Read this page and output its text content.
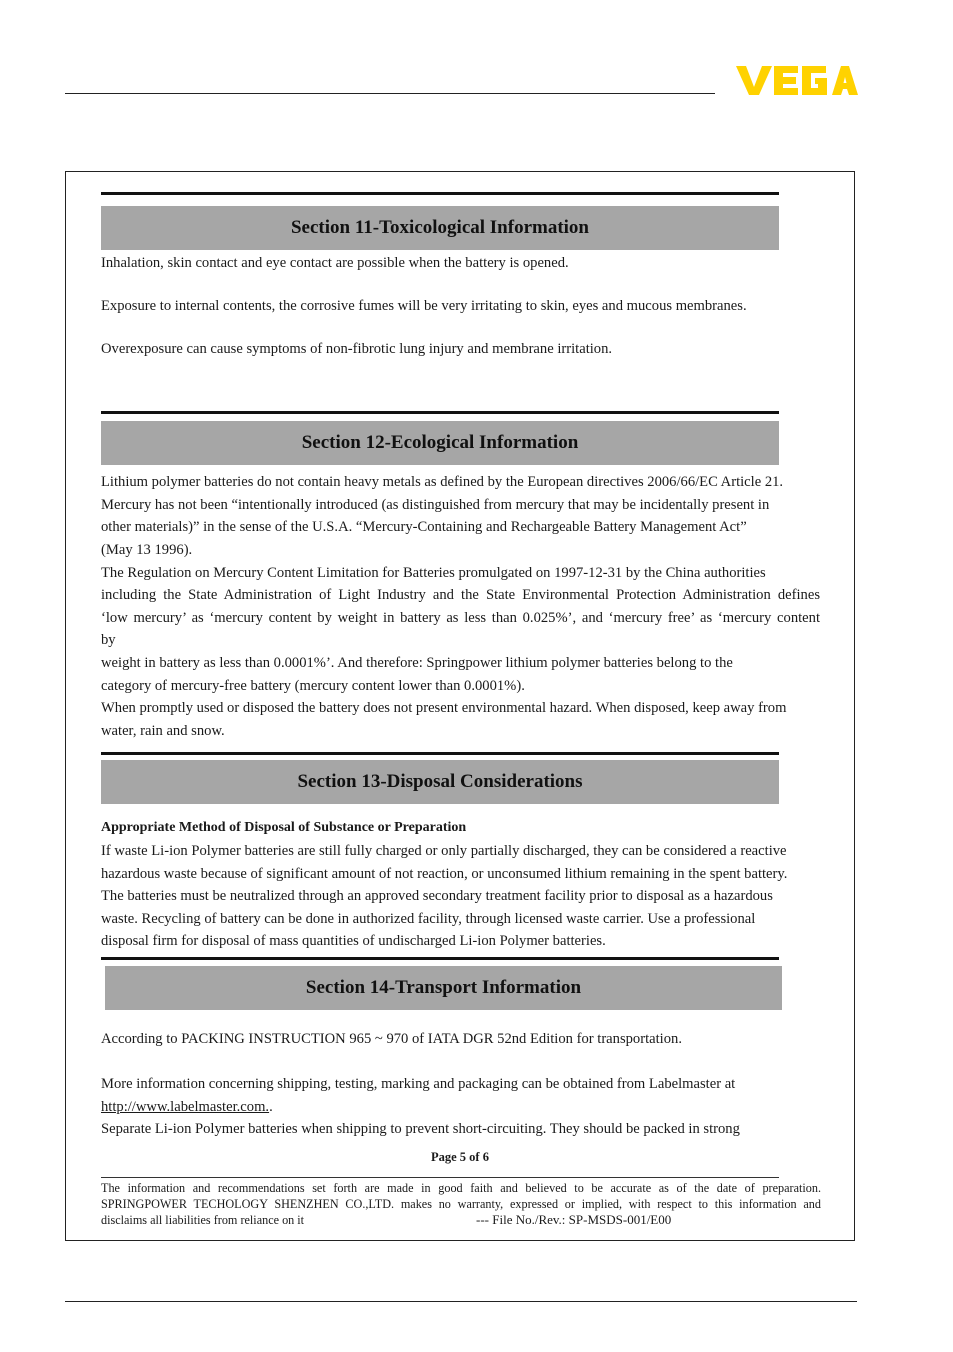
Section 11-Toxicological Information
Inhalation, skin contact and eye contact are possible when the battery is opened.
Exposure to internal contents, the corrosive fumes will be very irritating to skin, eyes and mucous membranes.
Overexposure can cause symptoms of non-fibrotic lung injury and membrane irritation.
Section 12-Ecological Information
Lithium polymer batteries do not contain heavy metals as defined by the European directives 2006/66/EC Article 21.
Mercury has not been “intentionally introduced (as distinguished from mercury that may be incidentally present in
other materials)” in the sense of the U.S.A. “Mercury-Containing and Rechargeable Battery Management Act”
(May 13 1996).
The Regulation on Mercury Content Limitation for Batteries promulgated on 1997-12-31 by the China authorities
including the State Administration of Light Industry and the State Environmental Protection Administration defines
‘low mercury’ as ‘mercury content by weight in battery as less than 0.025%’, and ‘mercury free’ as ‘mercury content
by
weight in battery as less than 0.0001%’. And therefore: Springpower lithium polymer batteries belong to the
category of mercury-free battery (mercury content lower than 0.0001%).
When promptly used or disposed the battery does not present environmental hazard. When disposed, keep away from
water, rain and snow.
Section 13-Disposal Considerations
Appropriate Method of Disposal of Substance or Preparation
If waste Li-ion Polymer batteries are still fully charged or only partially discharged, they can be considered a reactive
hazardous waste because of significant amount of not reaction, or unconsumed lithium remaining in the spent battery.
The batteries must be neutralized through an approved secondary treatment facility prior to disposal as a hazardous
waste. Recycling of battery can be done in authorized facility, through licensed waste carrier. Use a professional
disposal firm for disposal of mass quantities of undischarged Li-ion Polymer batteries.
Section 14-Transport Information
According to PACKING INSTRUCTION 965 ~ 970 of IATA DGR 52nd Edition for transportation.
More information concerning shipping, testing, marking and packaging can be obtained from Labelmaster at
http://www.labelmaster.com..
Separate Li-ion Polymer batteries when shipping to prevent short-circuiting. They should be packed in strong
Page 5 of 6
The information and recommendations set forth are made in good faith and believed to be accurate as of the date of preparation.
SPRINGPOWER TECHOLOGY SHENZHEN CO.,LTD. makes no warranty, expressed or implied, with respect to this information and
disclaims all liabilities from reliance on it	--- File No./Rev.: SP-MSDS-001/E00
